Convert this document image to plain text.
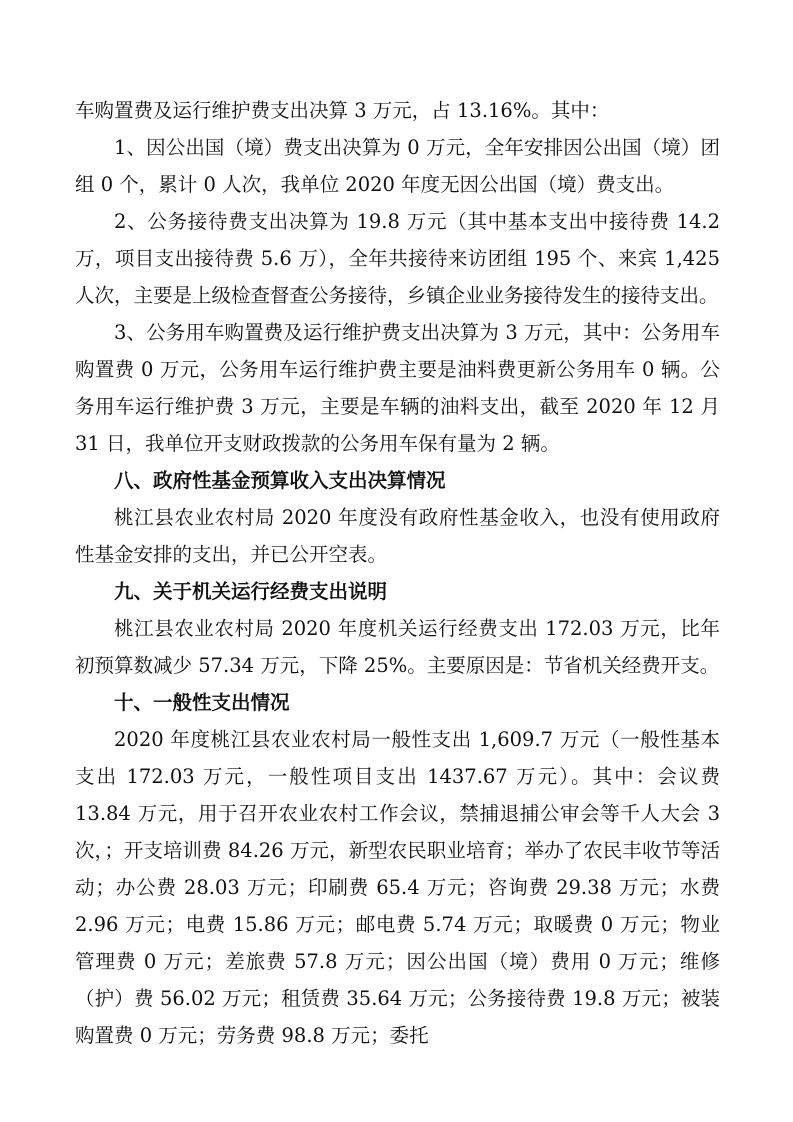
车购置费及运行维护费支出决算 3 万元，占 13.16%。其中：

1、因公出国（境）费支出决算为 0 万元，全年安排因公出国（境）团组 0 个，累计 0 人次，我单位 2020 年度无因公出国（境）费支出。

2、公务接待费支出决算为 19.8 万元（其中基本支出中接待费 14.2 万，项目支出接待费 5.6 万），全年共接待来访团组 195 个、来宾 1,425 人次，主要是上级检查督查公务接待，乡镇企业业务接待发生的接待支出。

3、公务用车购置费及运行维护费支出决算为 3 万元，其中：公务用车购置费 0 万元，公务用车运行维护费主要是油料费更新公务用车 0 辆。公务用车运行维护费 3 万元，主要是车辆的油料支出，截至 2020 年 12 月 31 日，我单位开支财政拨款的公务用车保有量为 2 辆。

八、政府性基金预算收入支出决算情况

桃江县农业农村局 2020 年度没有政府性基金收入，也没有使用政府性基金安排的支出，并已公开空表。

九、关于机关运行经费支出说明

桃江县农业农村局 2020 年度机关运行经费支出 172.03 万元，比年初预算数减少 57.34 万元，下降 25%。主要原因是：节省机关经费开支。

十、一般性支出情况

2020 年度桃江县农业农村局一般性支出 1,609.7 万元（一般性基本支出 172.03 万元，一般性项目支出 1437.67 万元）。其中：会议费 13.84 万元，用于召开农业农村工作会议，禁捕退捕公审会等千人大会 3 次，；开支培训费 84.26 万元，新型农民职业培育；举办了农民丰收节等活动；办公费 28.03 万元；印刷费 65.4 万元；咨询费 29.38 万元；水费 2.96 万元；电费 15.86 万元；邮电费 5.74 万元；取暖费 0 万元；物业管理费 0 万元；差旅费 57.8 万元；因公出国（境）费用 0 万元；维修（护）费 56.02 万元；租赁费 35.64 万元；公务接待费 19.8 万元；被装购置费 0 万元；劳务费 98.8 万元；委托
